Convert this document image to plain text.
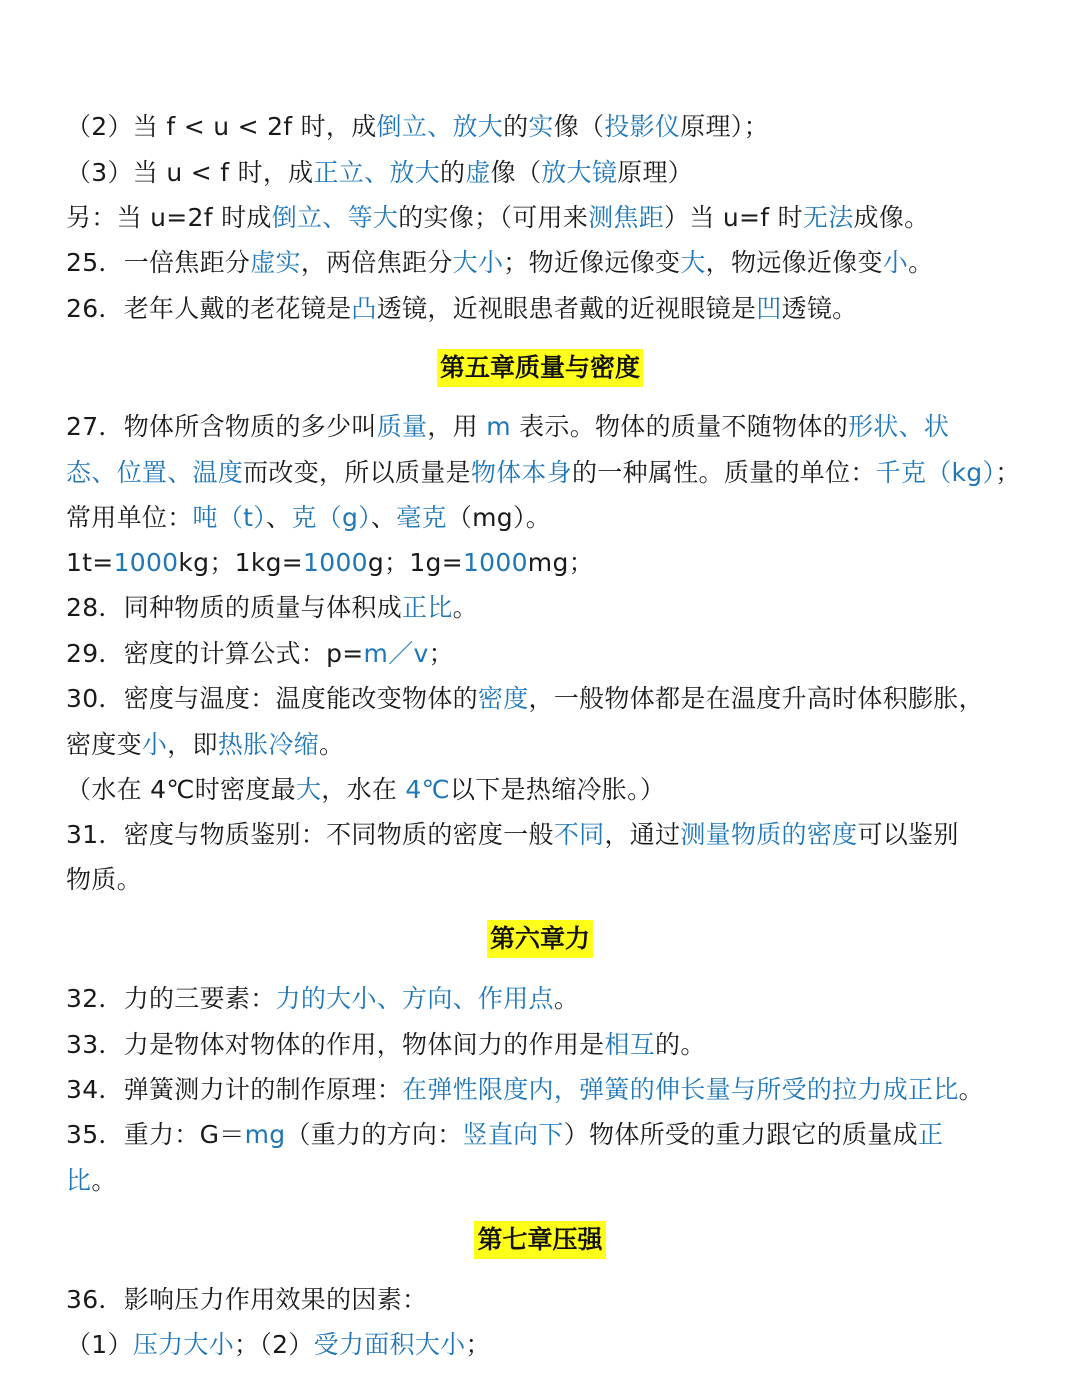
（2）当 f < u < 2f 时，成倒立、放大的实像（投影仪原理）；
（3）当 u < f 时，成正立、放大的虚像（放大镜原理）
另：当 u=2f 时成倒立、等大的实像；（可用来测焦距）当 u=f 时无法成像。
25．一倍焦距分虚实，两倍焦距分大小；物近像远像变大，物远像近像变小。
26．老年人戴的老花镜是凸透镜，近视眼患者戴的近视眼镜是凹透镜。
第五章质量与密度
27．物体所含物质的多少叫质量，用 m 表示。物体的质量不随物体的形状、状
态、位置、温度而改变，所以质量是物体本身的一种属性。质量的单位：千克（kg）；
常用单位：吨（t）、克（g）、毫克（mg）。
1t=1000kg；1kg=1000g；1g=1000mg；
28．同种物质的质量与体积成正比。
29．密度的计算公式：p=m／v；
30．密度与温度：温度能改变物体的密度，一般物体都是在温度升高时体积膨胀，
密度变小，即热胀冷缩。
（水在 4℃时密度最大，水在 4℃以下是热缩冷胀。）
31．密度与物质鉴别：不同物质的密度一般不同，通过测量物质的密度可以鉴别
物质。
第六章力
32．力的三要素：力的大小、方向、作用点。
33．力是物体对物体的作用，物体间力的作用是相互的。
34．弹簧测力计的制作原理：在弹性限度内，弹簧的伸长量与所受的拉力成正比。
35．重力：G＝mg（重力的方向：竖直向下）物体所受的重力跟它的质量成正
比。
第七章压强
36．影响压力作用效果的因素：
（1）压力大小；（2）受力面积大小；
